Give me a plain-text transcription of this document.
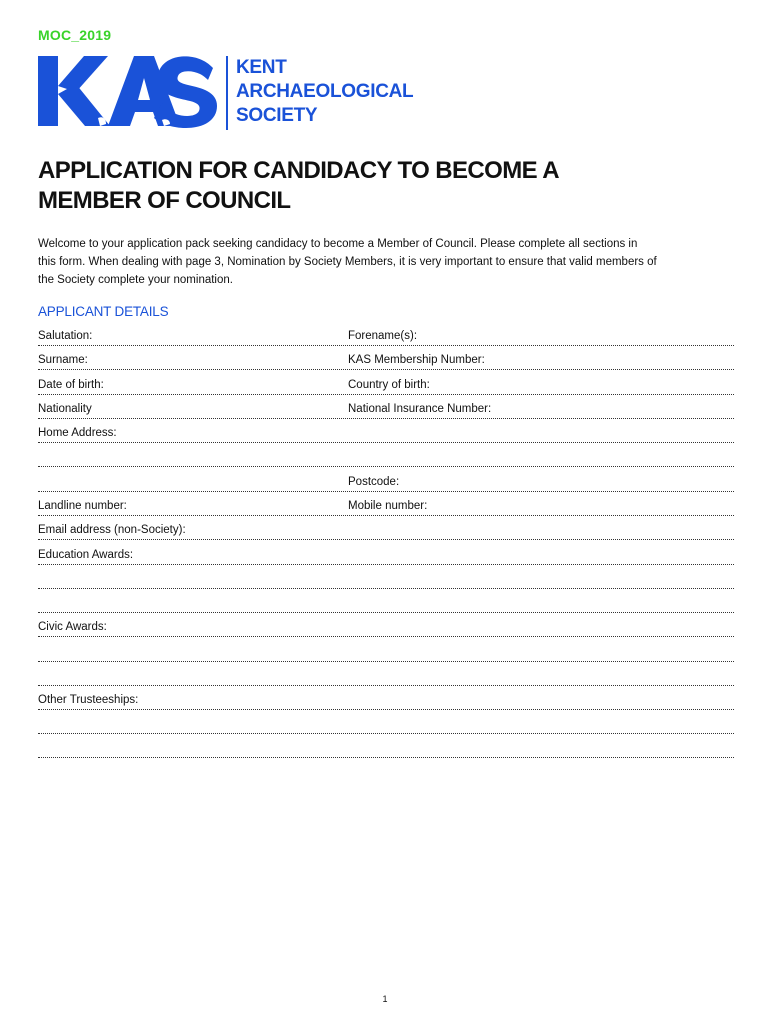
MOC_2019
KENT
ARCHAEOLOGICAL
SOCIETY
APPLICATION FOR CANDIDACY TO BECOME A
MEMBER OF COUNCIL
Welcome to your application pack seeking candidacy to become a Member of Council. Please complete all sections in
this form. When dealing with page 3, Nomination by Society Members, it is very important to ensure that valid members of
the Society complete your nomination.
APPLICANT DETAILS
Salutation:	Forename(s):
Surname:	KAS Membership Number:
Date of birth:	Country of birth:
Nationality	National Insurance Number:
Home Address:
Postcode:
Landline number:	Mobile number:
Email address (non-Society):
Education Awards:
Civic Awards:
Other Trusteeships:
1
